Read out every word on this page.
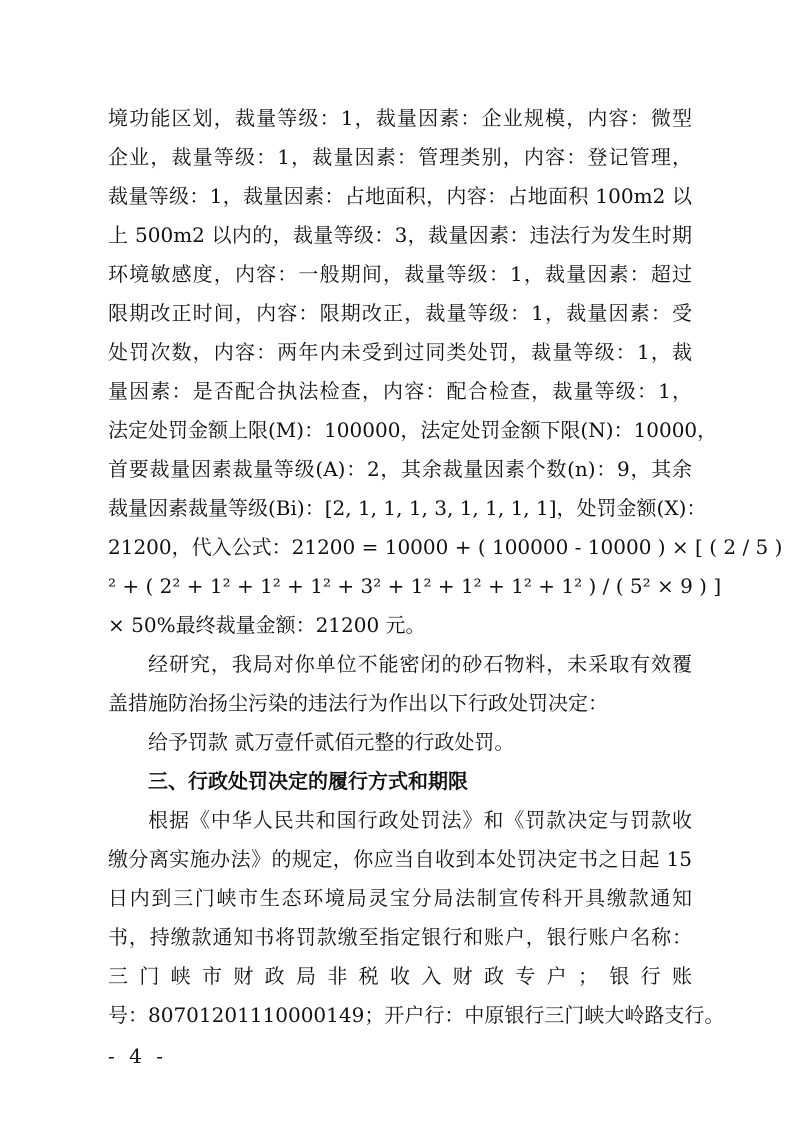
境功能区划，裁量等级：1，裁量因素：企业规模，内容：微型
企业，裁量等级：1，裁量因素：管理类别，内容：登记管理，
裁量等级：1，裁量因素：占地面积，内容：占地面积 100m2 以
上 500m2 以内的，裁量等级：3，裁量因素：违法行为发生时期
环境敏感度，内容：一般期间，裁量等级：1，裁量因素：超过
限期改正时间，内容：限期改正，裁量等级：1，裁量因素：受
处罚次数，内容：两年内未受到过同类处罚，裁量等级：1，裁
量因素：是否配合执法检查，内容：配合检查，裁量等级：1，
法定处罚金额上限(M)：100000，法定处罚金额下限(N)：10000，
首要裁量因素裁量等级(A)：2，其余裁量因素个数(n)：9，其余
裁量因素裁量等级(Bi)：[2, 1, 1, 1, 3, 1, 1, 1, 1]，处罚金额(X)：
21200，代入公式：21200 = 10000 + ( 100000 - 10000 ) × [ ( 2 / 5 )
² + ( 2² + 1² + 1² + 1² + 3² + 1² + 1² + 1² + 1² ) / ( 5² × 9 ) ]
× 50%最终裁量金额：21200 元。
经研究，我局对你单位不能密闭的砂石物料，未采取有效覆
盖措施防治扬尘污染的违法行为作出以下行政处罚决定：
给予罚款 贰万壹仟贰佰元整的行政处罚。
三、行政处罚决定的履行方式和期限
根据《中华人民共和国行政处罚法》和《罚款决定与罚款收
缴分离实施办法》的规定，你应当自收到本处罚决定书之日起 15
日内到三门峡市生态环境局灵宝分局法制宣传科开具缴款通知
书，持缴款通知书将罚款缴至指定银行和账户，银行账户名称：
三门峡市财政局非税收入财政专户；银行账
号：80701201110000149；开户行：中原银行三门峡大岭路支行。
- 4 -
